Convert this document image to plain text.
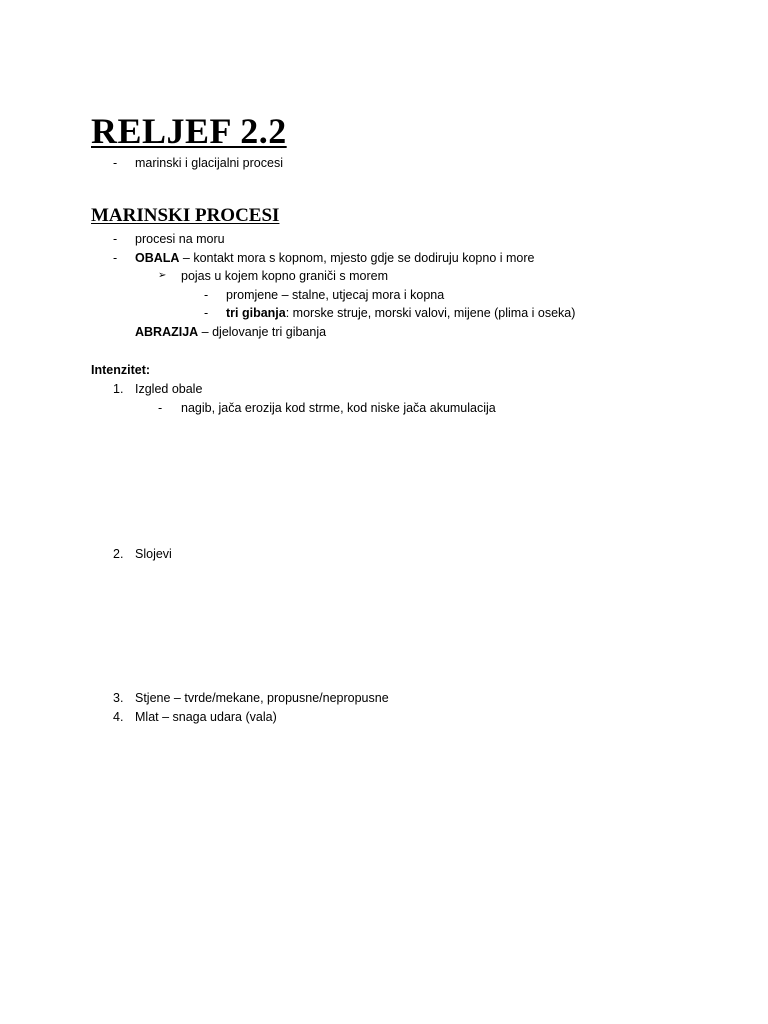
RELJEF 2.2
- marinski i glacijalni procesi
MARINSKI PROCESI
- procesi na moru
- OBALA – kontakt mora s kopnom, mjesto gdje se dodiruju kopno i more
➢ pojas u kojem kopno graniči s morem
- promjene – stalne, utjecaj mora i kopna
- tri gibanja: morske struje, morski valovi, mijene (plima i oseka)
ABRAZIJA – djelovanje tri gibanja
Intenzitet:
1. Izgled obale
- nagib, jača erozija kod strme, kod niske jača akumulacija
2. Slojevi
3. Stjene – tvrde/mekane, propusne/nepropusne
4. Mlat – snaga udara (vala)
